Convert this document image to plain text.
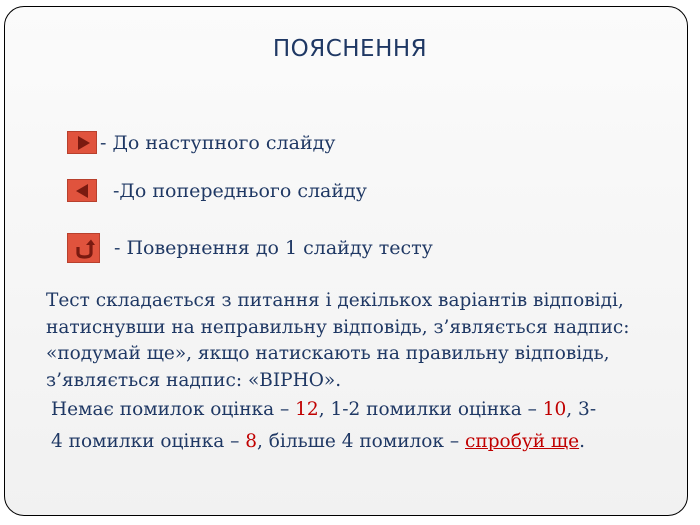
ПОЯСНЕННЯ
- До наступного слайду
-До попереднього слайду
- Повернення до 1 слайду тесту
Тест складається з питання і декількох варіантів відповіді,
натиснувши на неправильну відповідь, з’являється надпис:
«подумай ще», якщо натискають на правильну відповідь,
з’являється надпис: «ВІРНО».
Немає помилок оцінка – 12, 1-2 помилки оцінка – 10, 3-
4 помилки оцінка – 8, більше 4 помилок – спробуй ще.
